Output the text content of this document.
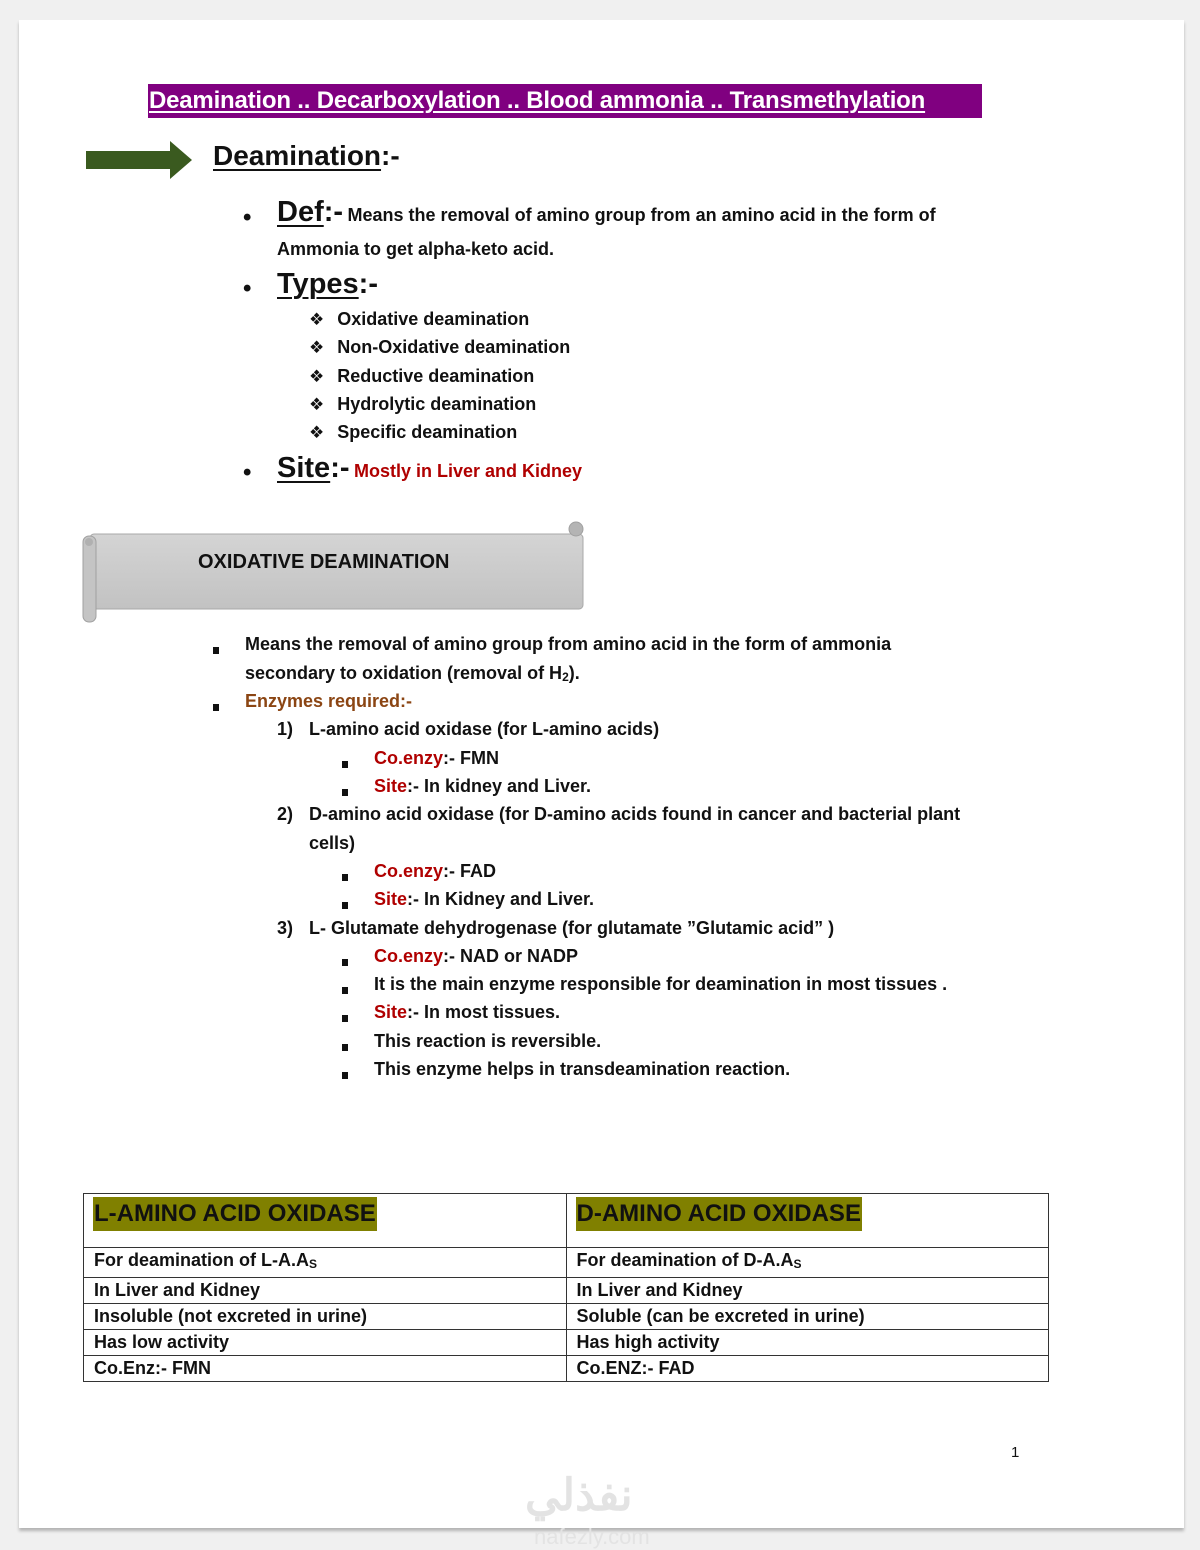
Deamination .. Decarboxylation .. Blood ammonia .. Transmethylation
Deamination:-
• Def:- Means the removal of amino group from an amino acid in the form of
Ammonia to get alpha-keto acid.
• Types:-
❖ Oxidative deamination
❖ Non-Oxidative deamination
❖ Reductive deamination
❖ Hydrolytic deamination
❖ Specific deamination
• Site:- Mostly in Liver and Kidney
OXIDATIVE DEAMINATION
Means the removal of amino group from amino acid in the form of ammonia
secondary to oxidation (removal of H2).
Enzymes required:-
1) L-amino acid oxidase (for L-amino acids)
Co.enzy:- FMN
Site:- In kidney and Liver.
2) D-amino acid oxidase (for D-amino acids found in cancer and bacterial plant
cells)
Co.enzy:- FAD
Site:- In Kidney and Liver.
3) L- Glutamate dehydrogenase (for glutamate ”Glutamic acid” )
Co.enzy:- NAD or NADP
It is the main enzyme responsible for deamination in most tissues .
Site:- In most tissues.
This reaction is reversible.
This enzyme helps in transdeamination reaction.
L-AMINO ACID OXIDASE	D-AMINO ACID OXIDASE
For deamination of L-A.AS	For deamination of D-A.AS
In Liver and Kidney	In Liver and Kidney
Insoluble (not excreted in urine)	Soluble (can be excreted in urine)
Has low activity	Has high activity
Co.Enz:- FMN	Co.ENZ:- FAD
1
نفذلي
nafezly.com
